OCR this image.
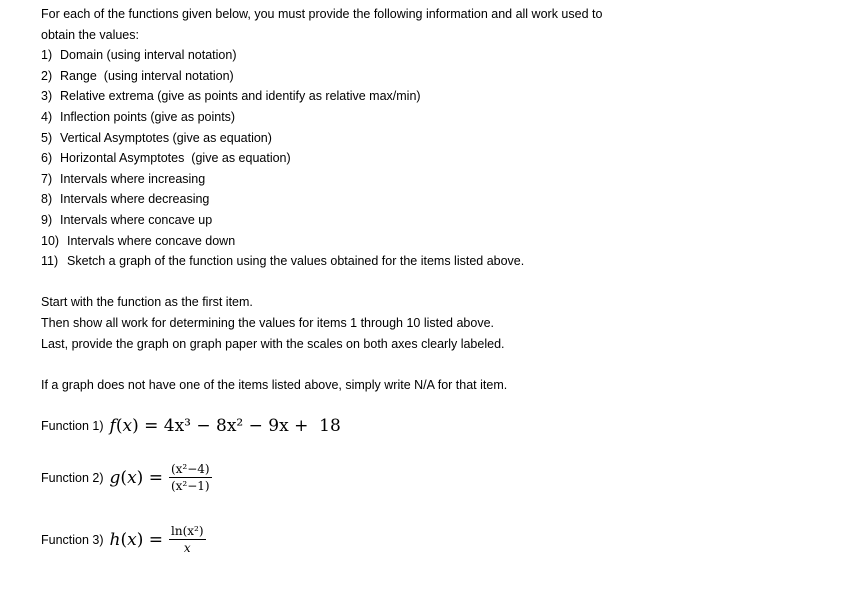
For each of the functions given below, you must provide the following information and all work used to
obtain the values:
1) Domain (using interval notation)
2) Range  (using interval notation)
3) Relative extrema (give as points and identify as relative max/min)
4) Inflection points (give as points)
5) Vertical Asymptotes (give as equation)
6) Horizontal Asymptotes  (give as equation)
7) Intervals where increasing
8) Intervals where decreasing
9) Intervals where concave up
10) Intervals where concave down
11) Sketch a graph of the function using the values obtained for the items listed above.
Start with the function as the first item.
Then show all work for determining the values for items 1 through 10 listed above.
Last, provide the graph on graph paper with the scales on both axes clearly labeled.
If a graph does not have one of the items listed above, simply write N/A for that item.
Function 1) f(x) = 4x³ − 8x² − 9x +  18
Function 2) $g(x) = \frac{\text{(x²−4)}}{\text{(x²−1)}}$
Function 3) $h(x) = \frac{\text{ln(x²)}}{x}$
